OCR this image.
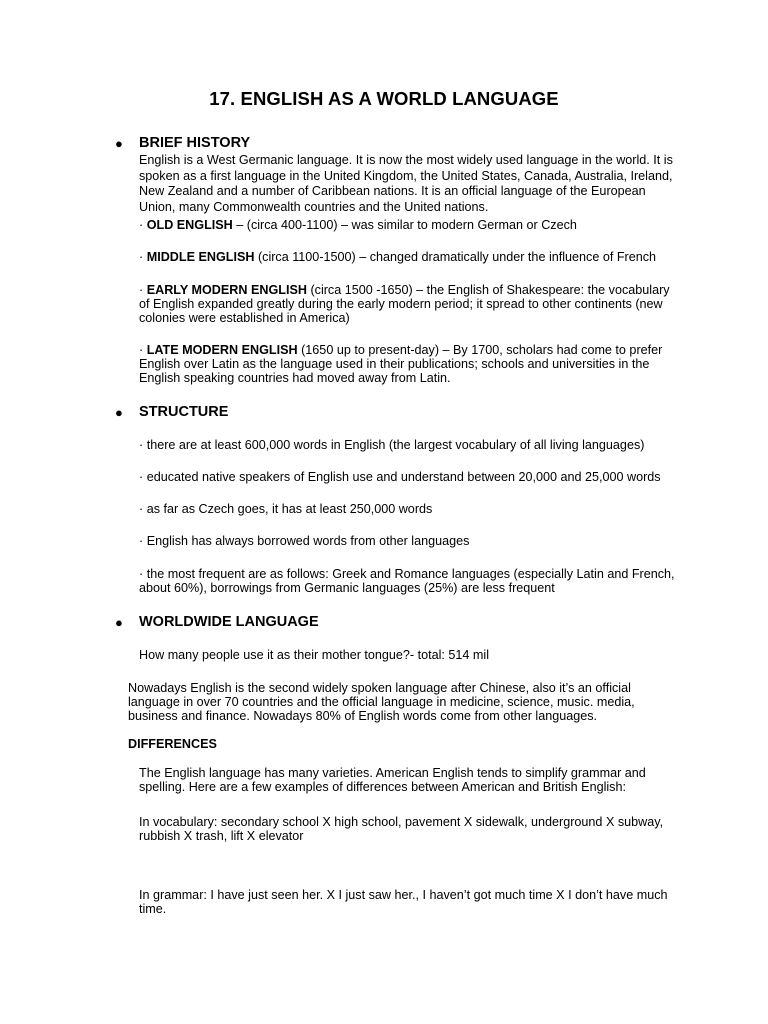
17. ENGLISH AS A WORLD LANGUAGE
● BRIEF HISTORY
English is a West Germanic language. It is now the most widely used language in the world. It is spoken as a first language in the United Kingdom, the United States, Canada, Australia, Ireland, New Zealand and a number of Caribbean nations. It is an official language of the European Union, many Commonwealth countries and the United nations.
· OLD ENGLISH – (circa 400-1100) – was similar to modern German or Czech
· MIDDLE ENGLISH (circa 1100-1500) – changed dramatically under the influence of French
· EARLY MODERN ENGLISH (circa 1500 -1650) – the English of Shakespeare: the vocabulary of English expanded greatly during the early modern period; it spread to other continents (new colonies were established in America)
· LATE MODERN ENGLISH (1650 up to present-day) – By 1700, scholars had come to prefer English over Latin as the language used in their publications; schools and universities in the English speaking countries had moved away from Latin.
● STRUCTURE
· there are at least 600,000 words in English (the largest vocabulary of all living languages)
· educated native speakers of English use and understand between 20,000 and 25,000 words
· as far as Czech goes, it has at least 250,000 words
· English has always borrowed words from other languages
· the most frequent are as follows: Greek and Romance languages (especially Latin and French, about 60%), borrowings from Germanic languages (25%) are less frequent
● WORLDWIDE LANGUAGE
How many people use it as their mother tongue?- total: 514 mil
Nowadays English is the second widely spoken language after Chinese, also it’s an official language in over 70 countries and the official language in medicine, science, music. media, business and finance. Nowadays 80% of English words come from other languages.
DIFFERENCES
The English language has many varieties. American English tends to simplify grammar and spelling. Here are a few examples of differences between American and British English:
In vocabulary: secondary school X high school, pavement X sidewalk, underground X subway, rubbish X trash, lift X elevator
In grammar: I have just seen her. X I just saw her., I haven’t got much time X I don’t have much time.
